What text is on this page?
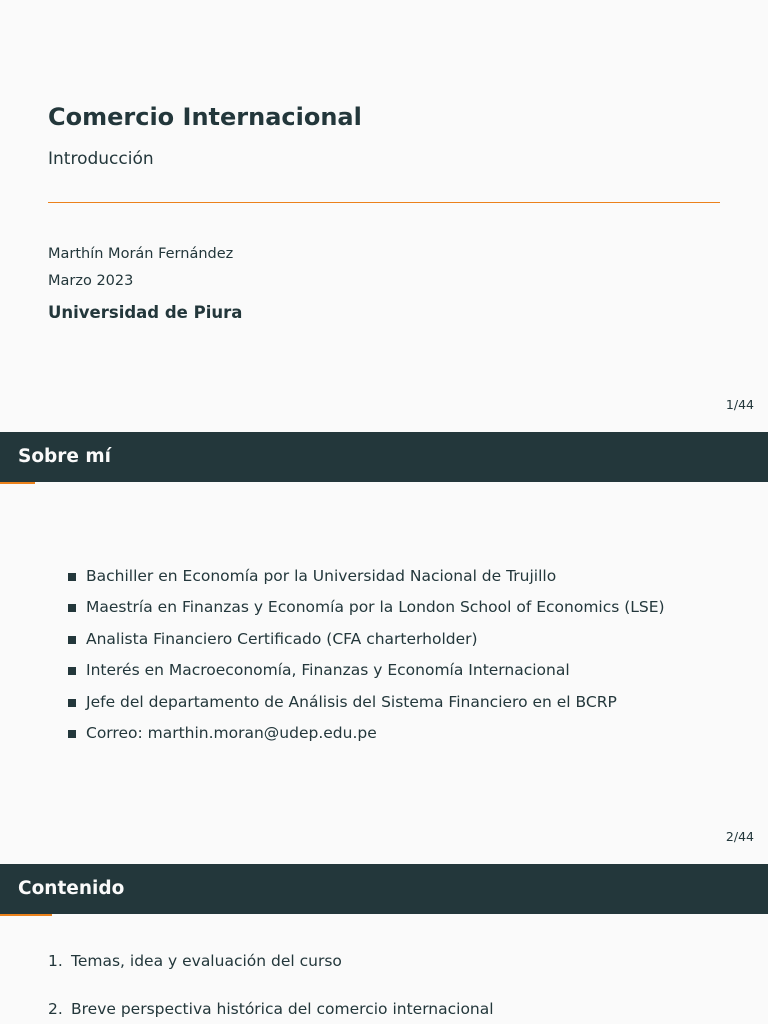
Comercio Internacional
Introducción
Marthín Morán Fernández
Marzo 2023
Universidad de Piura
1/44
Sobre mí
Bachiller en Economía por la Universidad Nacional de Trujillo
Maestría en Finanzas y Economía por la London School of Economics (LSE)
Analista Financiero Certificado (CFA charterholder)
Interés en Macroeconomía, Finanzas y Economía Internacional
Jefe del departamento de Análisis del Sistema Financiero en el BCRP
Correo: marthin.moran@udep.edu.pe
2/44
Contenido
1. Temas, idea y evaluación del curso
2. Breve perspectiva histórica del comercio internacional
